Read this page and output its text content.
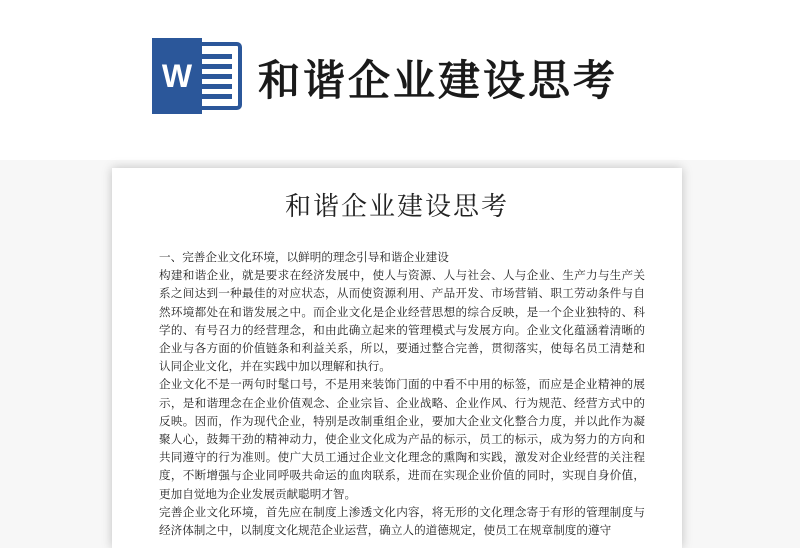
W 和谐企业建设思考
和谐企业建设思考

一、完善企业文化环境，以鲜明的理念引导和谐企业建设

构建和谐企业，就是要求在经济发展中，使人与资源、人与社会、人与企业、生产力与生产关系之间达到一种最佳的对应状态，从而使资源利用、产品开发、市场营销、职工劳动条件与自然环境都处在和谐发展之中。而企业文化是企业经营思想的综合反映，是一个企业独特的、科学的、有号召力的经营理念，和由此确立起来的管理模式与发展方向。企业文化蕴涵着清晰的企业与各方面的价值链条和利益关系，所以，要通过整合完善，贯彻落实，使每名员工清楚和认同企业文化，并在实践中加以理解和执行。

企业文化不是一两句时髦口号，不是用来装饰门面的中看不中用的标签，而应是企业精神的展示，是和谐理念在企业价值观念、企业宗旨、企业战略、企业作风、行为规范、经营方式中的反映。因而，作为现代企业，特别是改制重组企业，要加大企业文化整合力度，并以此作为凝聚人心，鼓舞干劲的精神动力，使企业文化成为产品的标示，员工的标示，成为努力的方向和共同遵守的行为准则。使广大员工通过企业文化理念的熏陶和实践，激发对企业经营的关注程度，不断增强与企业同呼吸共命运的血肉联系，进而在实现企业价值的同时，实现自身价值，更加自觉地为企业发展贡献聪明才智。

完善企业文化环境，首先应在制度上渗透文化内容，将无形的文化理念寄于有形的管理制度与经济体制之中，以制度文化规范企业运营，确立人的道德规定，使员工在规章制度的遵守
